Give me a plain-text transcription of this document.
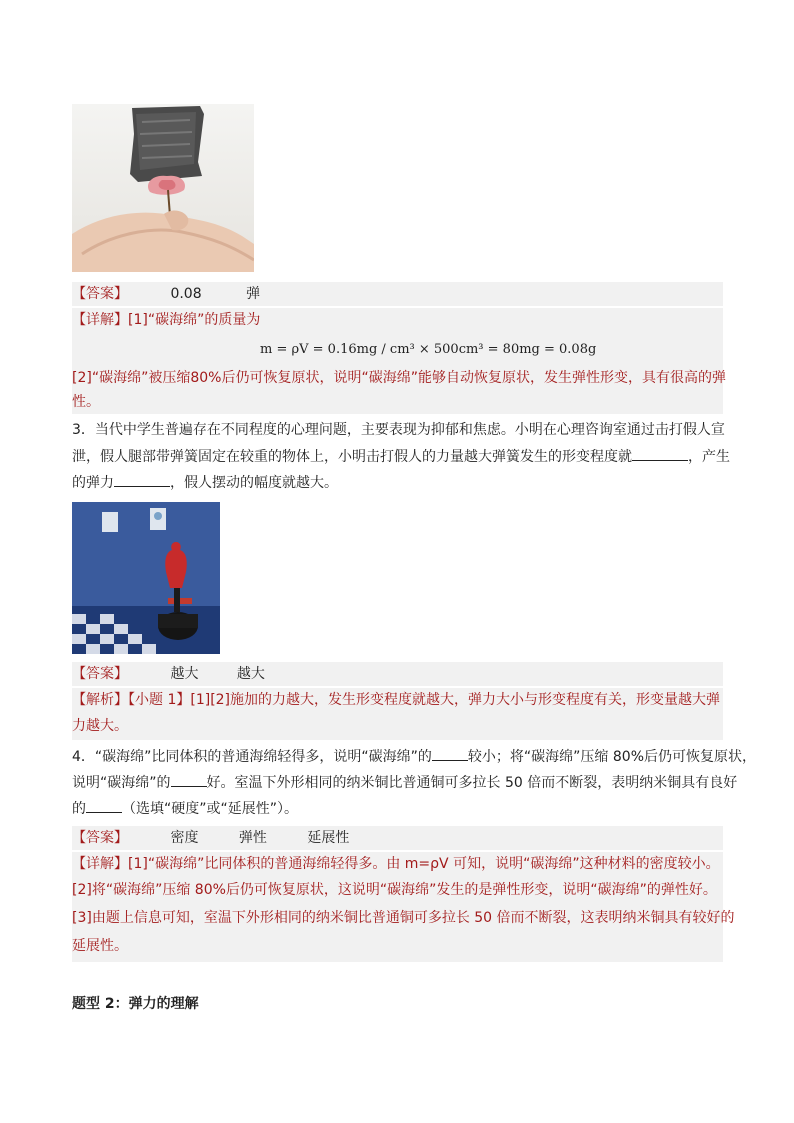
【答案】	0.08	弹
【详解】[1]“碳海绵”的质量为
m = ρV = 0.16mg / cm³ × 500cm³ = 80mg = 0.08g
[2]“碳海绵”被压缩80%后仍可恢复原状，说明“碳海绵”能够自动恢复原状，发生弹性形变，具有很高的弹
性。
3．当代中学生普遍存在不同程度的心理问题，主要表现为抑郁和焦虑。小明在心理咨询室通过击打假人宣
泄，假人腿部带弹簧固定在较重的物体上，小明击打假人的力量越大弹簧发生的形变程度就	，产生
的弹力	，假人摆动的幅度就越大。
【答案】	越大	越大
【解析】【小题 1】[1][2]施加的力越大，发生形变程度就越大，弹力大小与形变程度有关，形变量越大弹
力越大。
4．“碳海绵”比同体积的普通海绵轻得多，说明“碳海绵”的	较小；将“碳海绵”压缩 80%后仍可恢复原状，
说明“碳海绵”的	好。室温下外形相同的纳米铜比普通铜可多拉长 50 倍而不断裂，表明纳米铜具有良好
的	（选填“硬度”或“延展性”）。
【答案】	密度	弹性	延展性
【详解】[1]“碳海绵”比同体积的普通海绵轻得多。由 m=ρV 可知，说明“碳海绵”这种材料的密度较小。
[2]将“碳海绵”压缩 80%后仍可恢复原状，这说明“碳海绵”发生的是弹性形变，说明“碳海绵”的弹性好。
[3]由题上信息可知，室温下外形相同的纳米铜比普通铜可多拉长 50 倍而不断裂，这表明纳米铜具有较好的
延展性。
题型 2：弹力的理解
